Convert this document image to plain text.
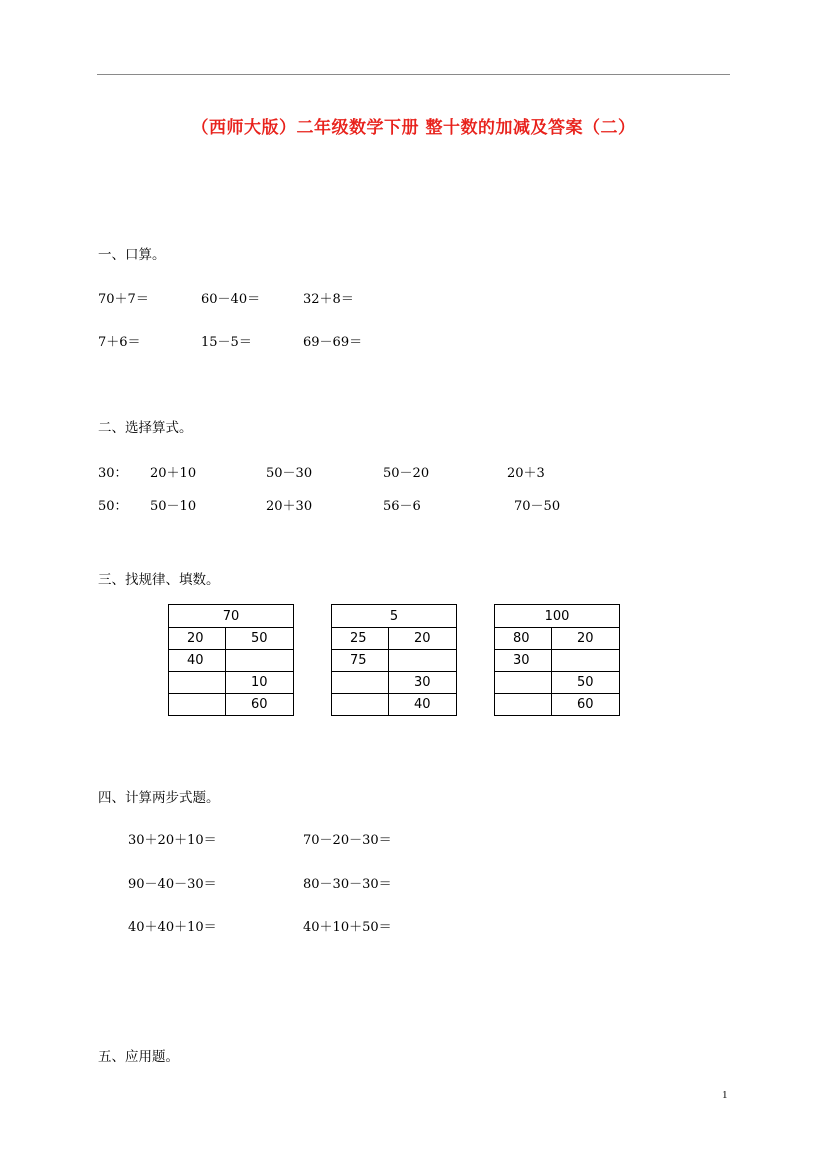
（西师大版）二年级数学下册 整十数的加减及答案（二）
一、口算。
70＋7＝	60－40＝	32＋8＝
7＋6＝	15－5＝	69－69＝
二、选择算式。
30： 20＋10	50－30	50－20	20＋3
50： 50－10	20＋30	56－6	70－50
三、找规律、填数。
70	
20	50
40	
	10
	60
5	
25	20
75	
	30
	40
100	
80	20
30	
	50
	60
四、计算两步式题。
30＋20＋10＝	70－20－30＝
90－40－30＝	80－30－30＝
40＋40＋10＝	40＋10＋50＝
五、应用题。
1
